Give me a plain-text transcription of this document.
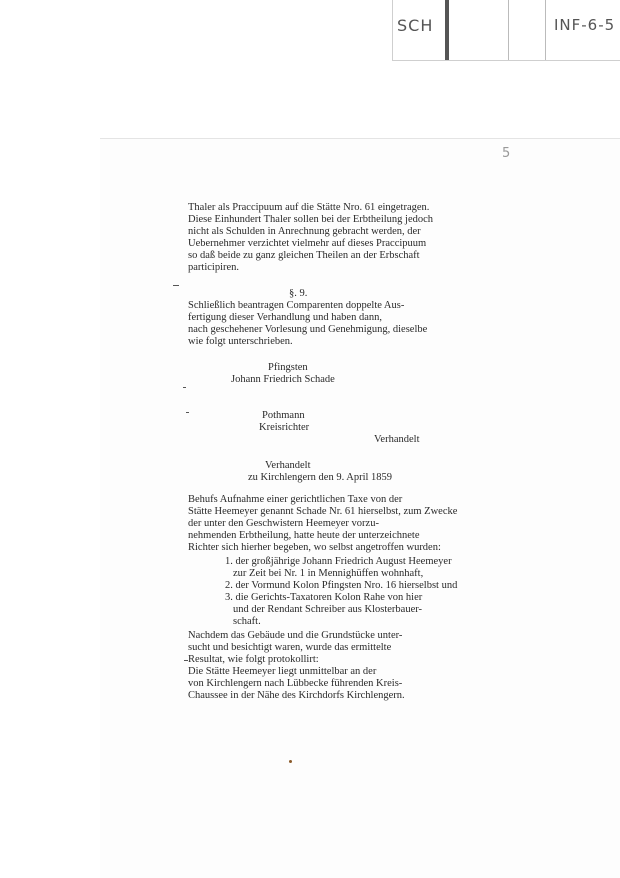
SCH	INF-6-5
5
Thaler als Praccipuum auf die Stätte Nro. 61 eingetragen.
Diese Einhundert Thaler sollen bei der Erbtheilung jedoch
nicht als Schulden in Anrechnung gebracht werden, der
Uebernehmer verzichtet vielmehr auf dieses Praccipuum
so daß beide zu ganz gleichen Theilen an der Erbschaft
participiren.
§. 9.
Schließlich beantragen Comparenten doppelte Aus-
fertigung dieser Verhandlung und haben dann,
nach geschehener Vorlesung und Genehmigung, dieselbe
wie folgt unterschrieben.
Pfingsten
Johann Friedrich Schade
Pothmann
Kreisrichter
Verhandelt
Verhandelt
zu Kirchlengern den 9. April 1859
Behufs Aufnahme einer gerichtlichen Taxe von der
Stätte Heemeyer genannt Schade Nr. 61 hierselbst, zum Zwecke
der unter den Geschwistern Heemeyer vorzu-
nehmenden Erbtheilung, hatte heute der unterzeichnete
Richter sich hierher begeben, wo selbst angetroffen wurden:
1. der großjährige Johann Friedrich August Heemeyer
zur Zeit bei Nr. 1 in Mennighüffen wohnhaft,
2. der Vormund Kolon Pfingsten Nro. 16 hierselbst und
3. die Gerichts-Taxatoren Kolon Rahe von hier
und der Rendant Schreiber aus Klosterbauer-
schaft.
Nachdem das Gebäude und die Grundstücke unter-
sucht und besichtigt waren, wurde das ermittelte
Resultat, wie folgt protokollirt:
Die Stätte Heemeyer liegt unmittelbar an der
von Kirchlengern nach Lübbecke führenden Kreis-
Chaussee in der Nähe des Kirchdorfs Kirchlengern.
